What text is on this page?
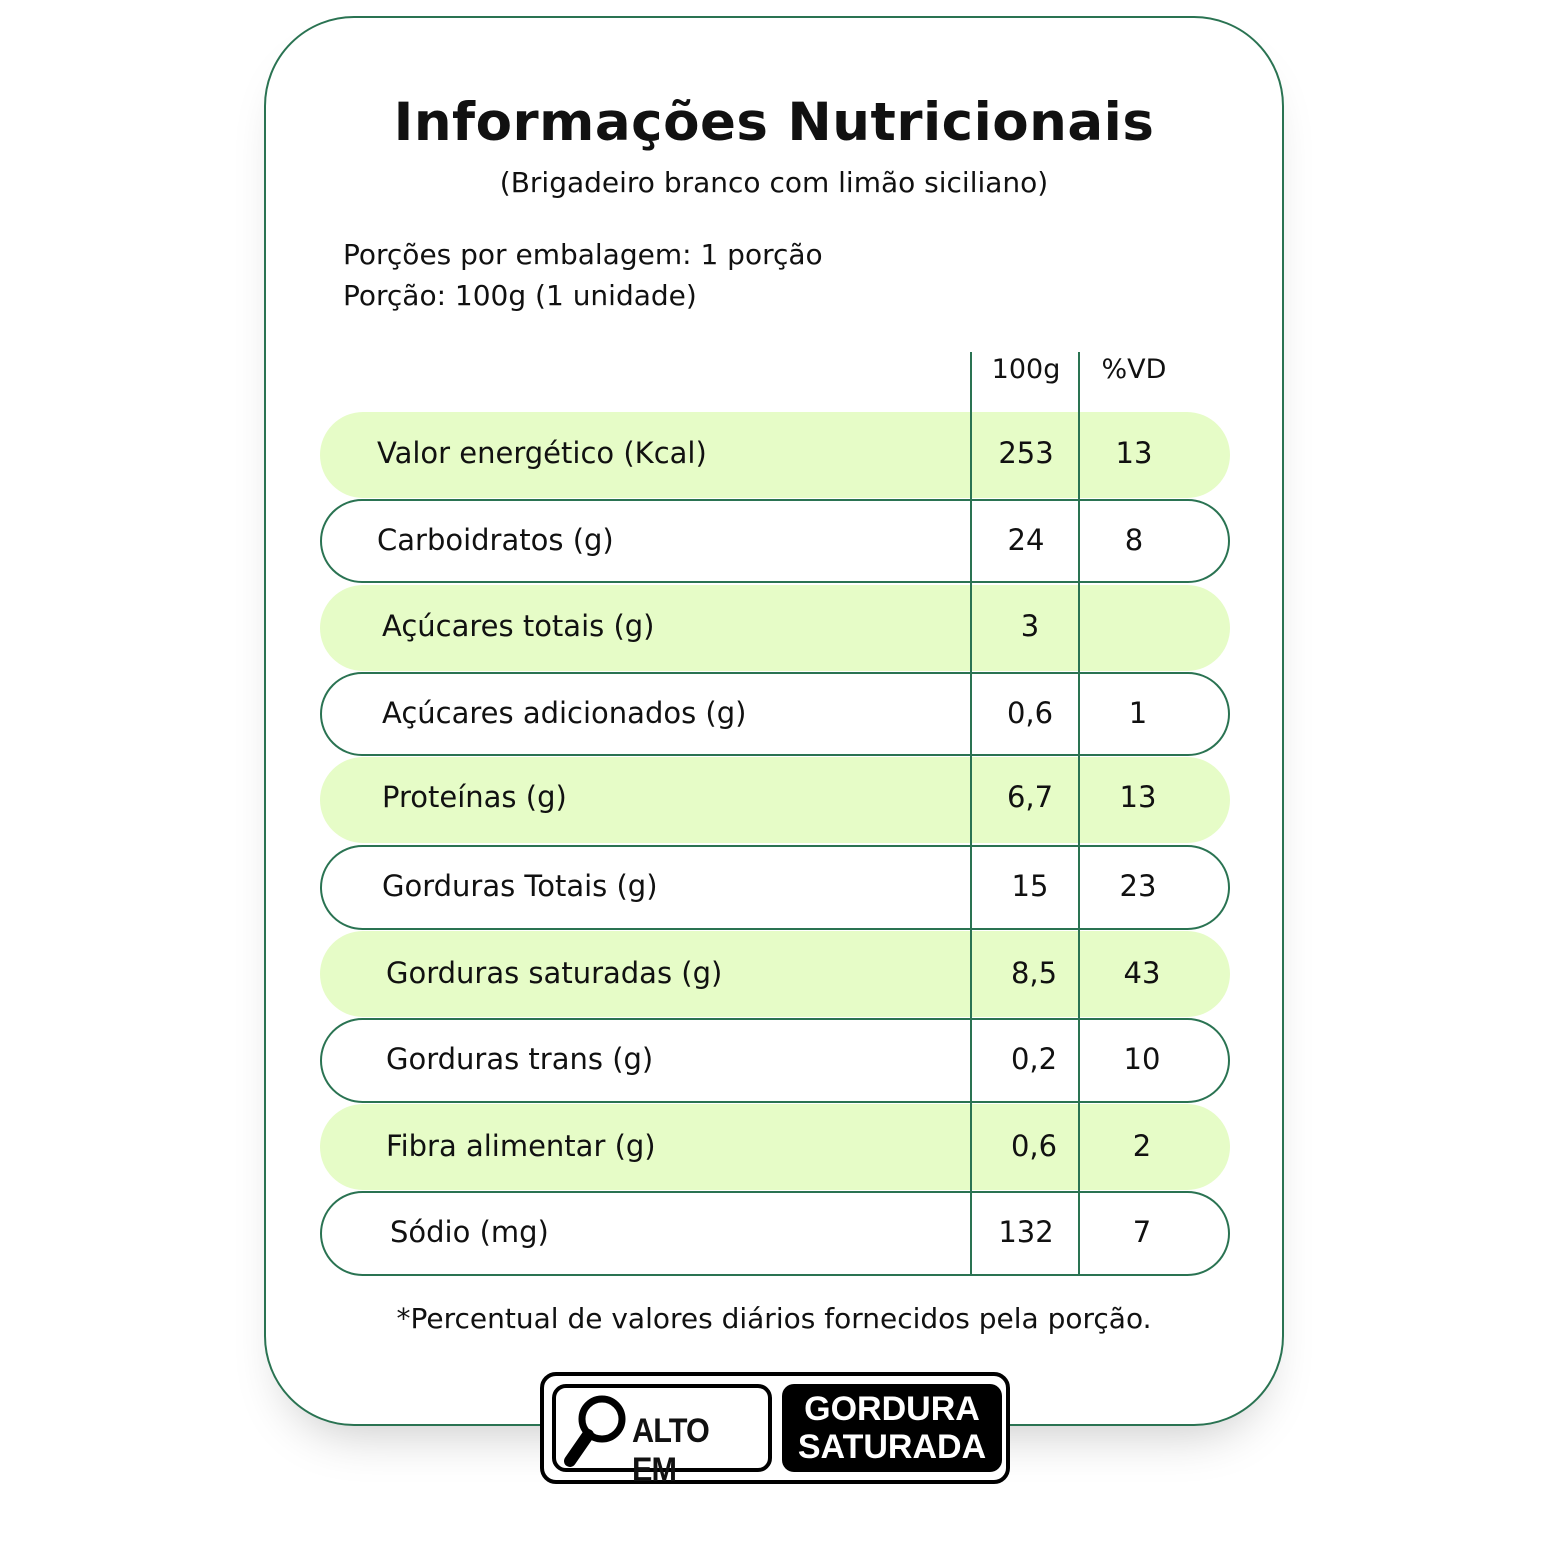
Informações Nutricionais
(Brigadeiro branco com limão siciliano)
Porções por embalagem: 1 porção
Porção: 100g (1 unidade)
100g	%VD
Valor energético (Kcal)	253	13
Carboidratos (g)	24	8
Açúcares totais (g)	3
Açúcares adicionados (g)	0,6	1
Proteínas (g)	6,7	13
Gorduras Totais (g)	15	23
Gorduras saturadas (g)	8,5	43
Gorduras trans (g)	0,2	10
Fibra alimentar (g)	0,6	2
Sódio (mg)	132	7
*Percentual de valores diários fornecidos pela porção.
ALTO EM
GORDURA
SATURADA
